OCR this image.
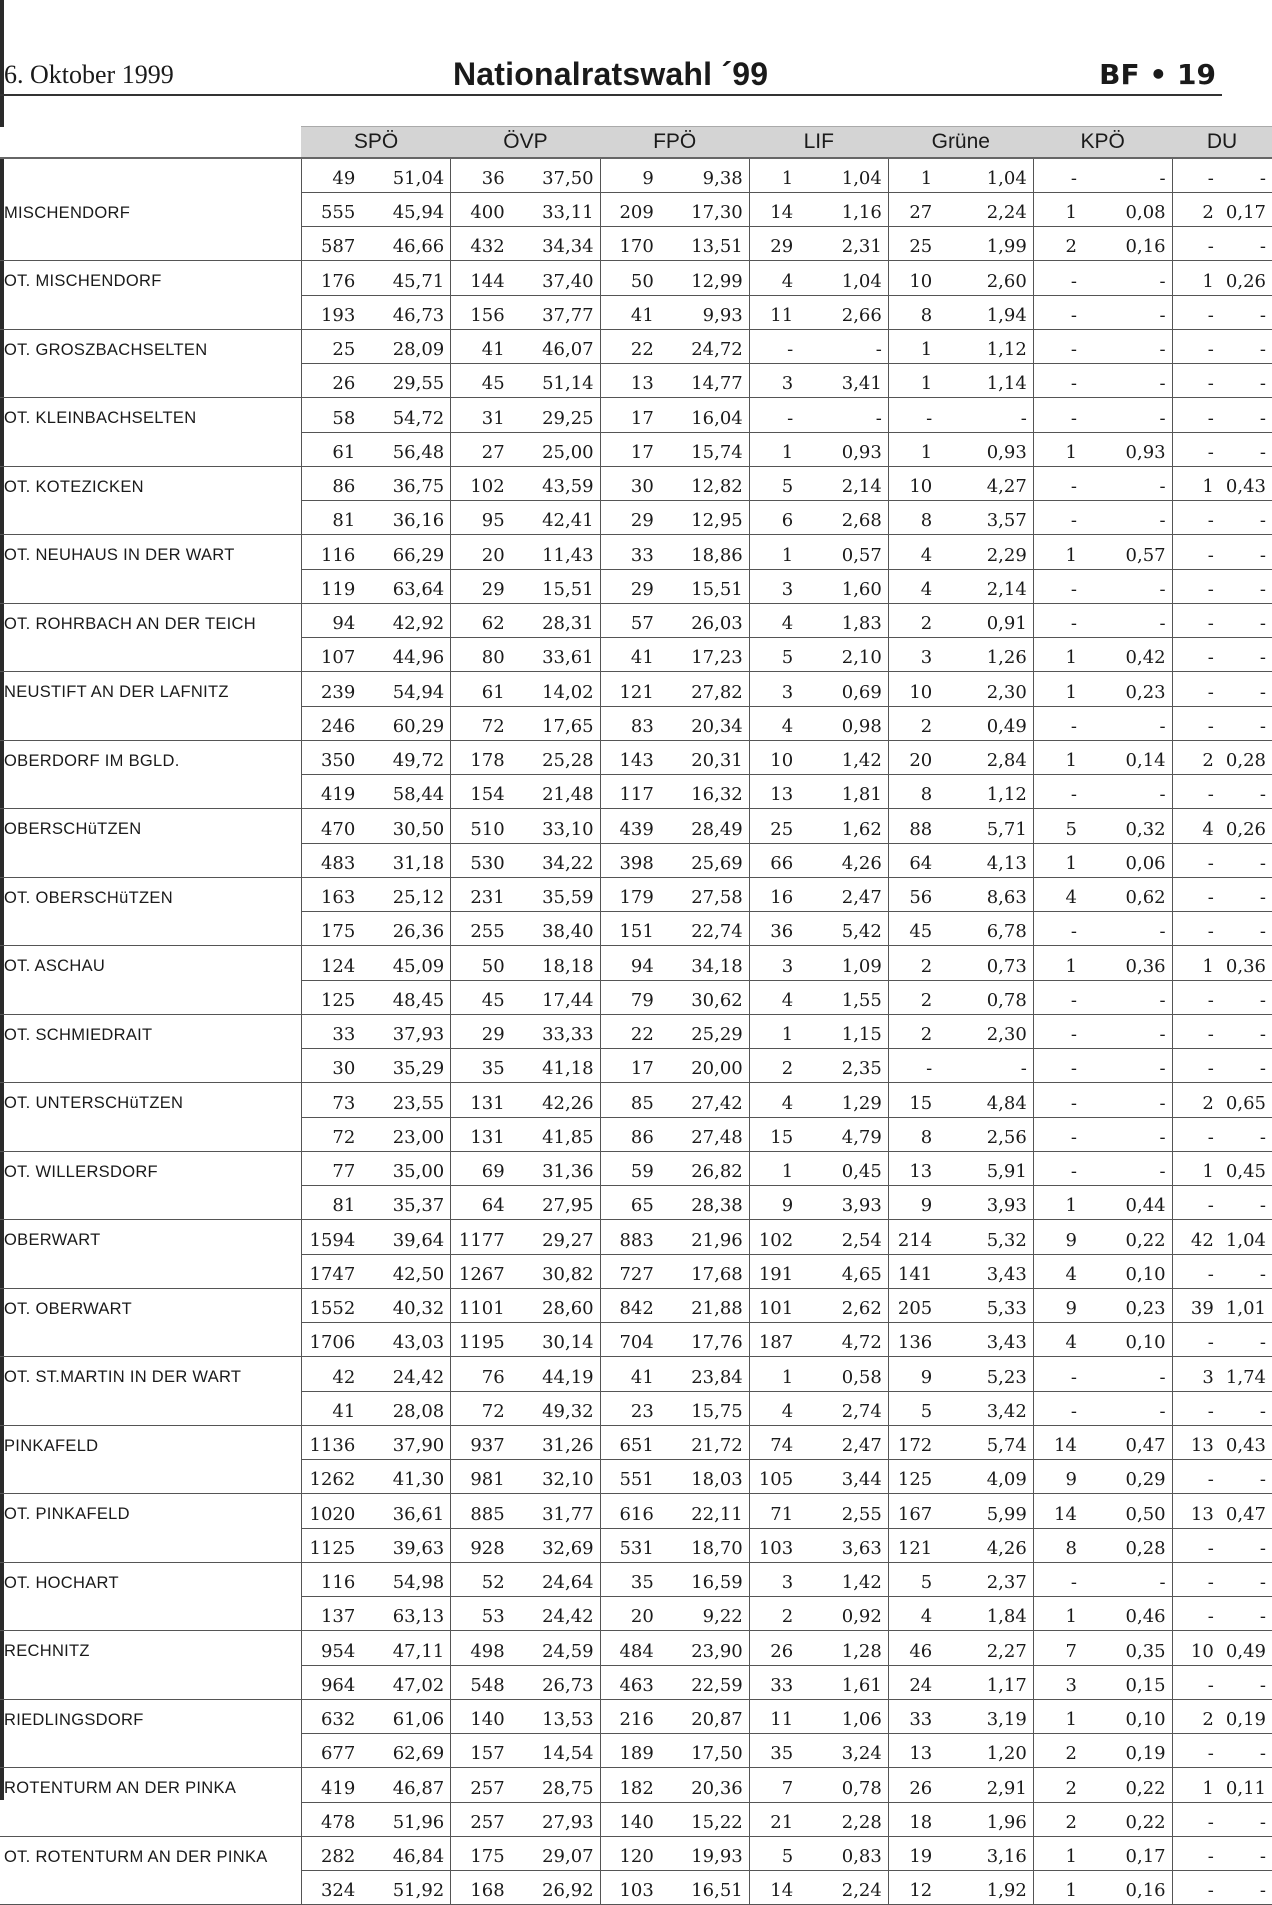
6. Oktober 1999	Nationalratswahl ´99	BF • 19
	SPÖ		ÖVP		FPÖ		LIF		Grüne		KPÖ		DU	
	49	51,04	36	37,50	9	9,38	1	1,04	1	1,04	-	-	-	-
MISCHENDORF	555	45,94	400	33,11	209	17,30	14	1,16	27	2,24	1	0,08	2	0,17
	587	46,66	432	34,34	170	13,51	29	2,31	25	1,99	2	0,16	-	-
OT. MISCHENDORF	176	45,71	144	37,40	50	12,99	4	1,04	10	2,60	-	-	1	0,26
	193	46,73	156	37,77	41	9,93	11	2,66	8	1,94	-	-	-	-
OT. GROSZBACHSELTEN	25	28,09	41	46,07	22	24,72	-	-	1	1,12	-	-	-	-
	26	29,55	45	51,14	13	14,77	3	3,41	1	1,14	-	-	-	-
OT. KLEINBACHSELTEN	58	54,72	31	29,25	17	16,04	-	-	-	-	-	-	-	-
	61	56,48	27	25,00	17	15,74	1	0,93	1	0,93	1	0,93	-	-
OT. KOTEZICKEN	86	36,75	102	43,59	30	12,82	5	2,14	10	4,27	-	-	1	0,43
	81	36,16	95	42,41	29	12,95	6	2,68	8	3,57	-	-	-	-
OT. NEUHAUS IN DER WART	116	66,29	20	11,43	33	18,86	1	0,57	4	2,29	1	0,57	-	-
	119	63,64	29	15,51	29	15,51	3	1,60	4	2,14	-	-	-	-
OT. ROHRBACH AN DER TEICH	94	42,92	62	28,31	57	26,03	4	1,83	2	0,91	-	-	-	-
	107	44,96	80	33,61	41	17,23	5	2,10	3	1,26	1	0,42	-	-
NEUSTIFT AN DER LAFNITZ	239	54,94	61	14,02	121	27,82	3	0,69	10	2,30	1	0,23	-	-
	246	60,29	72	17,65	83	20,34	4	0,98	2	0,49	-	-	-	-
OBERDORF IM BGLD.	350	49,72	178	25,28	143	20,31	10	1,42	20	2,84	1	0,14	2	0,28
	419	58,44	154	21,48	117	16,32	13	1,81	8	1,12	-	-	-	-
OBERSCHüTZEN	470	30,50	510	33,10	439	28,49	25	1,62	88	5,71	5	0,32	4	0,26
	483	31,18	530	34,22	398	25,69	66	4,26	64	4,13	1	0,06	-	-
OT. OBERSCHüTZEN	163	25,12	231	35,59	179	27,58	16	2,47	56	8,63	4	0,62	-	-
	175	26,36	255	38,40	151	22,74	36	5,42	45	6,78	-	-	-	-
OT. ASCHAU	124	45,09	50	18,18	94	34,18	3	1,09	2	0,73	1	0,36	1	0,36
	125	48,45	45	17,44	79	30,62	4	1,55	2	0,78	-	-	-	-
OT. SCHMIEDRAIT	33	37,93	29	33,33	22	25,29	1	1,15	2	2,30	-	-	-	-
	30	35,29	35	41,18	17	20,00	2	2,35	-	-	-	-	-	-
OT. UNTERSCHüTZEN	73	23,55	131	42,26	85	27,42	4	1,29	15	4,84	-	-	2	0,65
	72	23,00	131	41,85	86	27,48	15	4,79	8	2,56	-	-	-	-
OT. WILLERSDORF	77	35,00	69	31,36	59	26,82	1	0,45	13	5,91	-	-	1	0,45
	81	35,37	64	27,95	65	28,38	9	3,93	9	3,93	1	0,44	-	-
OBERWART	1594	39,64	1177	29,27	883	21,96	102	2,54	214	5,32	9	0,22	42	1,04
	1747	42,50	1267	30,82	727	17,68	191	4,65	141	3,43	4	0,10	-	-
OT. OBERWART	1552	40,32	1101	28,60	842	21,88	101	2,62	205	5,33	9	0,23	39	1,01
	1706	43,03	1195	30,14	704	17,76	187	4,72	136	3,43	4	0,10	-	-
OT. ST.MARTIN IN DER WART	42	24,42	76	44,19	41	23,84	1	0,58	9	5,23	-	-	3	1,74
	41	28,08	72	49,32	23	15,75	4	2,74	5	3,42	-	-	-	-
PINKAFELD	1136	37,90	937	31,26	651	21,72	74	2,47	172	5,74	14	0,47	13	0,43
	1262	41,30	981	32,10	551	18,03	105	3,44	125	4,09	9	0,29	-	-
OT. PINKAFELD	1020	36,61	885	31,77	616	22,11	71	2,55	167	5,99	14	0,50	13	0,47
	1125	39,63	928	32,69	531	18,70	103	3,63	121	4,26	8	0,28	-	-
OT. HOCHART	116	54,98	52	24,64	35	16,59	3	1,42	5	2,37	-	-	-	-
	137	63,13	53	24,42	20	9,22	2	0,92	4	1,84	1	0,46	-	-
RECHNITZ	954	47,11	498	24,59	484	23,90	26	1,28	46	2,27	7	0,35	10	0,49
	964	47,02	548	26,73	463	22,59	33	1,61	24	1,17	3	0,15	-	-
RIEDLINGSDORF	632	61,06	140	13,53	216	20,87	11	1,06	33	3,19	1	0,10	2	0,19
	677	62,69	157	14,54	189	17,50	35	3,24	13	1,20	2	0,19	-	-
ROTENTURM AN DER PINKA	419	46,87	257	28,75	182	20,36	7	0,78	26	2,91	2	0,22	1	0,11
	478	51,96	257	27,93	140	15,22	21	2,28	18	1,96	2	0,22	-	-
OT. ROTENTURM AN DER PINKA	282	46,84	175	29,07	120	19,93	5	0,83	19	3,16	1	0,17	-	-
	324	51,92	168	26,92	103	16,51	14	2,24	12	1,92	1	0,16	-	-
